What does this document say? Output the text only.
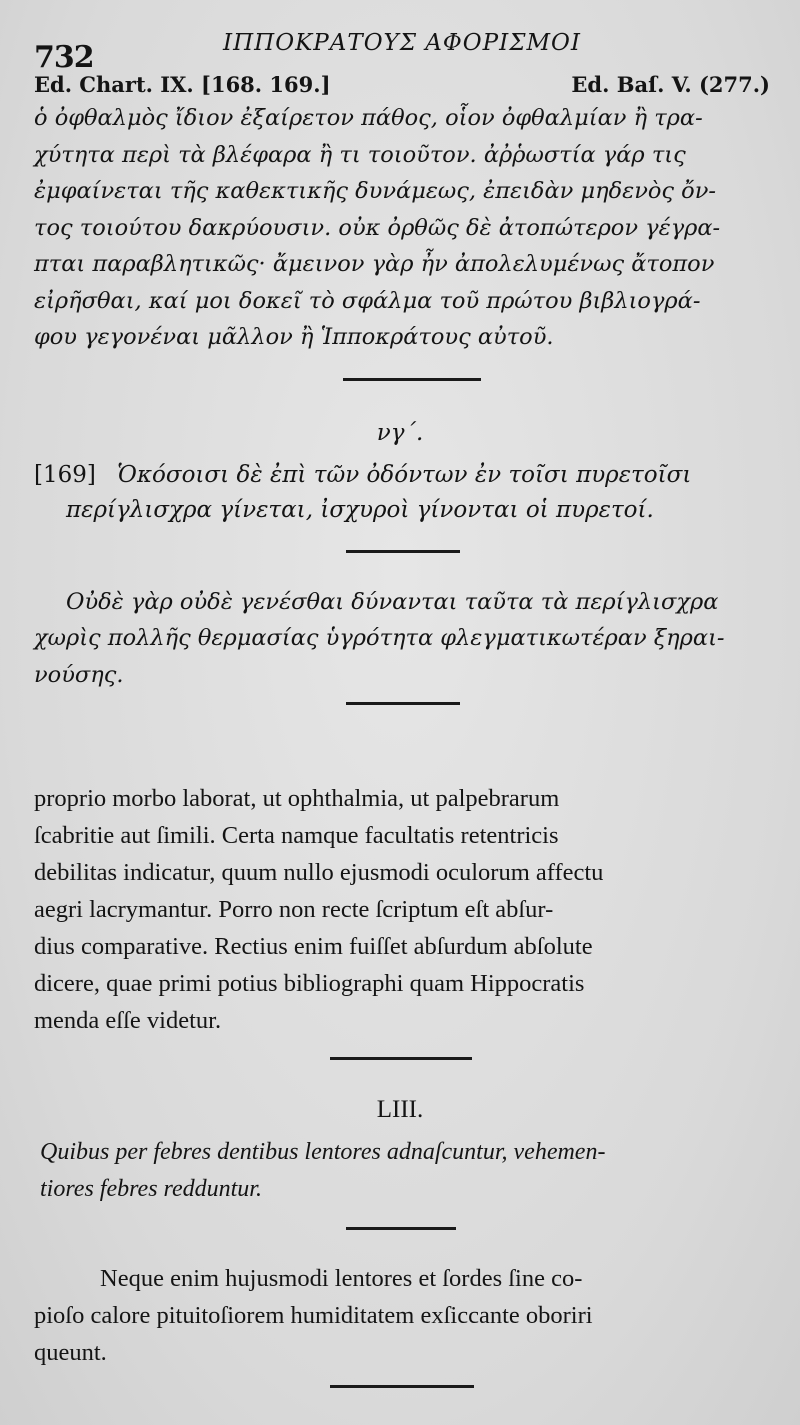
732	ΙΠΠΟΚΡΑΤΟΥΣ ΑΦΟΡΙΣΜΟΙ
Ed. Chart. IX. [168. 169.]	Ed. Baſ. V. (277.)
ὁ ὀφθαλμὸς ἴδιον ἐξαίρετον πάθος, οἷον ὀφθαλμίαν ἢ τρα-
χύτητα περὶ τὰ βλέφαρα ἢ τι τοιοῦτον. ἀῤῥωστία γάρ τις
ἐμφαίνεται τῆς καθεκτικῆς δυνάμεως, ἐπειδὰν μηδενὸς ὄν-
τος τοιούτου δακρύουσιν. οὐκ ὀρθῶς δὲ ἀτοπώτερον γέγρα-
πται παραβλητικῶς· ἄμεινον γὰρ ἦν ἀπολελυμένως ἄτοπον
εἰρῆσθαι, καί μοι δοκεῖ τὸ σφάλμα τοῦ πρώτου βιβλιογρά-
φου γεγονέναι μᾶλλον ἢ Ἱπποκράτους αὐτοῦ.
νγ΄.
[169] Ὁκόσοισι δὲ ἐπὶ τῶν ὀδόντων ἐν τοῖσι πυρετοῖσι
περίγλισχρα γίνεται, ἰσχυροὶ γίνονται οἱ πυρετοί.
Οὐδὲ γὰρ οὐδὲ γενέσθαι δύνανται ταῦτα τὰ περίγλισχρα
χωρὶς πολλῆς θερμασίας ὑγρότητα φλεγματικωτέραν ξηραι-
νούσης.
proprio morbo laborat, ut ophthalmia, ut palpebrarum
ſcabritie aut ſimili. Certa namque facultatis retentricis
debilitas indicatur, quum nullo ejusmodi oculorum affectu
aegri lacrymantur. Porro non recte ſcriptum eſt abſur-
dius comparative. Rectius enim fuiſſet abſurdum abſolute
dicere, quae primi potius bibliographi quam Hippocratis
menda eſſe videtur.
LIII.
Quibus per febres dentibus lentores adnaſcuntur, vehemen-
tiores febres redduntur.
Neque enim hujusmodi lentores et ſordes ſine co-
pioſo calore pituitoſiorem humiditatem exſiccante oboriri
queunt.
